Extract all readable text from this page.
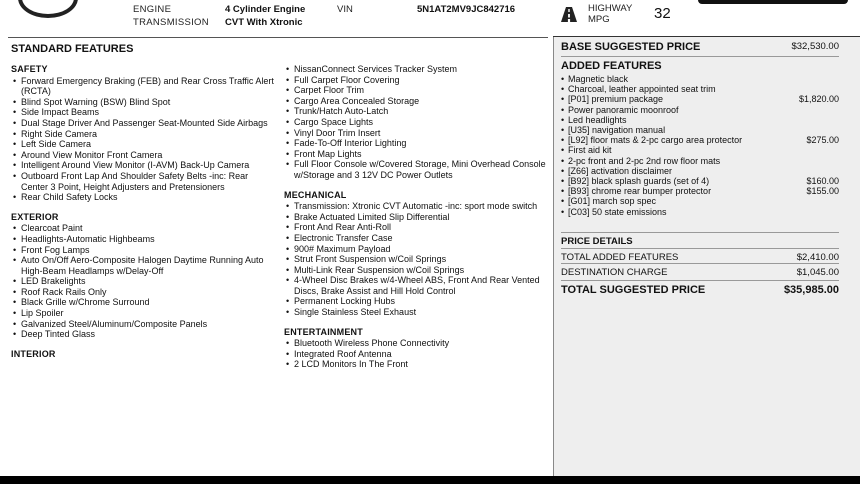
ENGINE	4 Cylinder Engine	VIN	5N1AT2MV9JC842716
TRANSMISSION	CVT With Xtronic
HIGHWAY
MPG	32
STANDARD FEATURES
SAFETY
• Forward Emergency Braking (FEB) and Rear Cross Traffic Alert (RCTA)
• Blind Spot Warning (BSW) Blind Spot
• Side Impact Beams
• Dual Stage Driver And Passenger Seat-Mounted Side Airbags
• Right Side Camera
• Left Side Camera
• Around View Monitor Front Camera
• Intelligent Around View Monitor (I-AVM) Back-Up Camera
• Outboard Front Lap And Shoulder Safety Belts -inc: Rear Center 3 Point, Height Adjusters and Pretensioners
• Rear Child Safety Locks
EXTERIOR
• Clearcoat Paint
• Headlights-Automatic Highbeams
• Front Fog Lamps
• Auto On/Off Aero-Composite Halogen Daytime Running Auto High-Beam Headlamps w/Delay-Off
• LED Brakelights
• Roof Rack Rails Only
• Black Grille w/Chrome Surround
• Lip Spoiler
• Galvanized Steel/Aluminum/Composite Panels
• Deep Tinted Glass
INTERIOR
• NissanConnect Services Tracker System
• Full Carpet Floor Covering
• Carpet Floor Trim
• Cargo Area Concealed Storage
• Trunk/Hatch Auto-Latch
• Cargo Space Lights
• Vinyl Door Trim Insert
• Fade-To-Off Interior Lighting
• Front Map Lights
• Full Floor Console w/Covered Storage, Mini Overhead Console w/Storage and 3 12V DC Power Outlets
MECHANICAL
• Transmission: Xtronic CVT Automatic -inc: sport mode switch
• Brake Actuated Limited Slip Differential
• Front And Rear Anti-Roll
• Electronic Transfer Case
• 900# Maximum Payload
• Strut Front Suspension w/Coil Springs
• Multi-Link Rear Suspension w/Coil Springs
• 4-Wheel Disc Brakes w/4-Wheel ABS, Front And Rear Vented Discs, Brake Assist and Hill Hold Control
• Permanent Locking Hubs
• Single Stainless Steel Exhaust
ENTERTAINMENT
• Bluetooth Wireless Phone Connectivity
• Integrated Roof Antenna
• 2 LCD Monitors In The Front
BASE SUGGESTED PRICE	$32,530.00
ADDED FEATURES
• Magnetic black
• Charcoal, leather appointed seat trim
• [P01] premium package	$1,820.00
• Power panoramic moonroof
• Led headlights
• [U35] navigation manual
• [L92] floor mats & 2-pc cargo area protector	$275.00
• First aid kit
• 2-pc front and 2-pc 2nd row floor mats
• [Z66] activation disclaimer
• [B92] black splash guards (set of 4)	$160.00
• [B93] chrome rear bumper protector	$155.00
• [G01] march sop spec
• [C03] 50 state emissions
PRICE DETAILS
TOTAL ADDED FEATURES	$2,410.00
DESTINATION CHARGE	$1,045.00
TOTAL SUGGESTED PRICE	$35,985.00
